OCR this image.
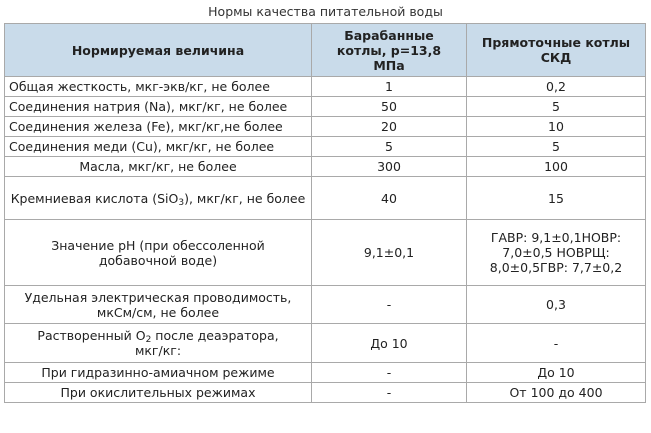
Нормы качества питательной воды
Нормируемая величина	Барабанные котлы, р=13,8 МПа	Прямоточные котлы СКД
Общая жесткость, мкг-экв/кг, не более	1	0,2
Соединения натрия (Na), мкг/кг, не более	50	5
Соединения железа (Fe), мкг/кг,не более	20	10
Соединения меди (Cu), мкг/кг, не более	5	5
Масла, мкг/кг, не более	300	100
Кремниевая кислота (SiO$_3$), мкг/кг, не более	40	15
Значение pH (при обессоленной добавочной воде)	9,1±0,1	ГАВР: 9,1±0,1НОВР: 7,0±0,5 НОВРЩ: 8,0±0,5ГВР: 7,7±0,2
Удельная электрическая проводимость, мкСм/см, не более	-	0,3
Растворенный $O_2$ после деаэратора, мкг/кг:	До 10	-
При гидразинно-амиачном режиме	-	До 10
При окислительных режимах	-	От 100 до 400
